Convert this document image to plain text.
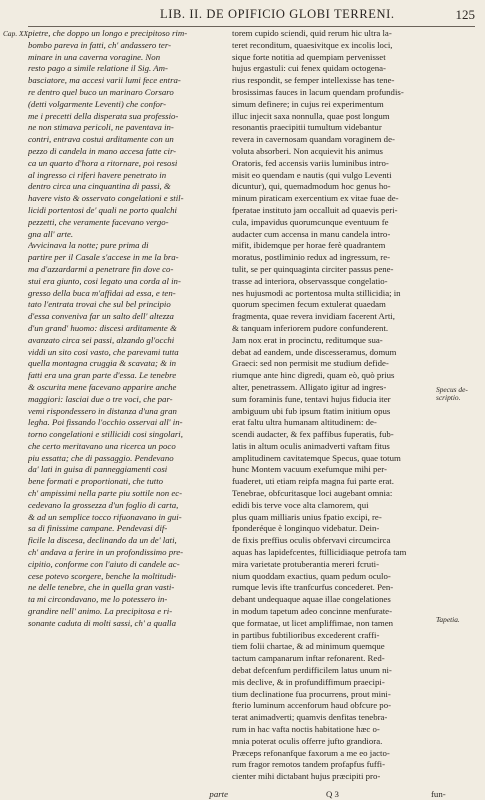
LIB. II. DE OPIFICIO GLOBI TERRENI.	125
Cap. XX.
pietre, che doppo un longo e precipitoso rim-
bombo pareva in fatti, ch' andassero ter-
minare in una caverna voragine. Non
resto pago a simile relatione il Sig. Am-
basciatore, ma accesi varii lumi fece entra-
re dentro quel buco un marinaro Corsaro
(detti volgarmente Leventi) che confor-
me i precetti della disperata sua professio-
ne non stimava pericoli, ne paventava in-
contri, entrava costui arditamente con un
pezzo di candela in mano accesa fatte cir-
ca un quarto d'hora a ritornare, poi resosi
al ingresso ci riferi havere penetrato in
dentro circa una cinquantina di passi, &
havere visto & osservato congelationi e stil-
licidi portentosi de' quali ne porto qualchi
pezzetti, che veramente facevano vergo-
gna all' arte.
Avvicinava la notte; pure prima di
partire per il Casale s'accese in me la bra-
ma d'azzardarmi a penetrare fin dove co-
stui era giunto, cosi legato una corda al in-
gresso della buca m'affidai ad essa, e ten-
tato l'entrata trovai che sul bel principio
d'essa conveniva far un salto dell' altezza
d'un grand' huomo: discesi arditamente &
avanzato circa sei passi, alzando gl'occhi
viddi un sito cosi vasto, che parevami tutta
quella montagna cruggia & scavata; & in
fatti era una gran parte d'essa. Le tenebre
& oscurita mene facevano apparire anche
maggiori: lasciai due o tre voci, che par-
vemi rispondessero in distanza d'una gran
legha. Poi fissando l'occhio osservai all' in-
torno congelationi e stillicidi cosi singolari,
che certo meritavano una ricerca un poco
piu essatta; che di passaggio. Pendevano
da' lati in guisa di panneggiamenti cosi
bene formati e proportionati, che tutto
ch' ampissimi nella parte piu sottile non ec-
cedevano la grossezza d'un foglio di carta,
& ad un semplice tocco rifuonavano in gui-
sa di finissime campane. Pendevasi dif-
ficile la discesa, declinando da un de' lati,
ch' andava a ferire in un profondissimo pre-
cipitio, conforme con l'aiuto di candele ac-
cese potevo scorgere, benche la moltitudi-
ne delle tenebre, che in quella gran vasti-
ta mi circondavano, me lo potessero in-
grandire nell' animo. La precipitosa e ri-
sonante caduta di molti sassi, ch' a qualla
parte
torem cupido sciendi, quid rerum hic ultra la-
teret reconditum, quaesivitque ex incolis loci,
sique forte notitia ad quempiam pervenisset
hujus ergastuli: cui fenex quidam octogena-
rius respondit, se femper intellexisse has tene-
brosissimas fauces in lacum quendam profundis-
simum definere; in cujus rei experimentum
illuc injecit saxa nonnulla, quae post longum
resonantis praecipitii tumultum videbantur
revera in cavernosam quandam voraginem de-
voluta absorberi. Non acquievit his animus
Oratoris, fed accensis variis luminibus intro-
misit eo quendam e nautis (qui vulgo Leventi
dicuntur), qui, quemadmodum hoc genus ho-
minum piraticam exercentium ex vitae fuae de-
fperatae instituto jam occalluit ad quaevis peri-
cula, impavidus quorumcunque eventuum fe
audacter cum accensa in manu candela intro-
mifit, ibidemque per horae ferè quadrantem
moratus, postliminio redux ad ingressum, re-
tulit, se per quinquaginta circiter passus pene-
trasse ad interiora, observassque congelatio-
nes hujusmodi ac portentosa multa stillicidia; in
quorum specimen fecum extulerat quaedam
fragmenta, quae revera invidiam facerent Arti,
& tanquam inferiorem pudore confunderent.
Jam nox erat in procinctu, reditumque sua-
debat ad eandem, unde discesseramus, domum
Graeci: sed non permisit me studium defide-
riumque ante hinc digredi, quam eò, quò prius
alter, penetrassem. Alligato igitur ad ingres-
sum foraminis fune, tentavi hujus fiducia iter
ambiguum ubi fub ipsum ftatim initium opus
erat faltu ultra humanam altitudinem: de-
scendi audacter, & fex paffibus fuperatis, fub-
latis in altum oculis animadverti vaftam fitus
amplitudinem cavitatemque Specus, quae totum
hunc Montem vacuum exefumque mihi per-
fuaderet, uti etiam reipfa magna fui parte erat.
Tenebrae, obfcuritasque loci augebant omnia:
edidi bis terve voce alta clamorem, qui
plus quam milliaris unius fpatio excipi, re-
fponderéque è longinquo videbatur. Dein-
de fixis preffius oculis obfervavi circumcirca
aquas has lapidefcentes, ftillicidiaque petrofa tam
mira varietate protuberantia mereri fcruti-
nium quoddam exactius, quam pedum oculo-
rumque levis ifte tranfcurfus concederet. Pen-
debant undequaque aquae illae congelationes
in modum tapetum adeo concinne menfurate-
que formatae, ut licet ampliffimae, non tamen
in partibus fubtilioribus excederent craffi-
tiem folii chartae, & ad minimum quemque
tactum campanarum inftar refonarent. Red-
debat defcenfum perdifficilem latus unum ni-
mis declive, & in profundiffimum praecipi-
tium declinatione fua procurrens, prout mini-
fterio luminum accenforum haud obfcure po-
terat animadverti; quamvis denfitas tenebra-
rum in hac vafta noctis habitatione hæc o-
mnia poterat oculis offerre jufto grandiora.
Præceps refonanfque faxorum a me eo jacto-
rum fragor remotos tandem profapfus fuffi-
cienter mihi dictabant hujus præcipiti pro-
Specus de-
scriptio.
Tapetia.
Q 3	fun-
